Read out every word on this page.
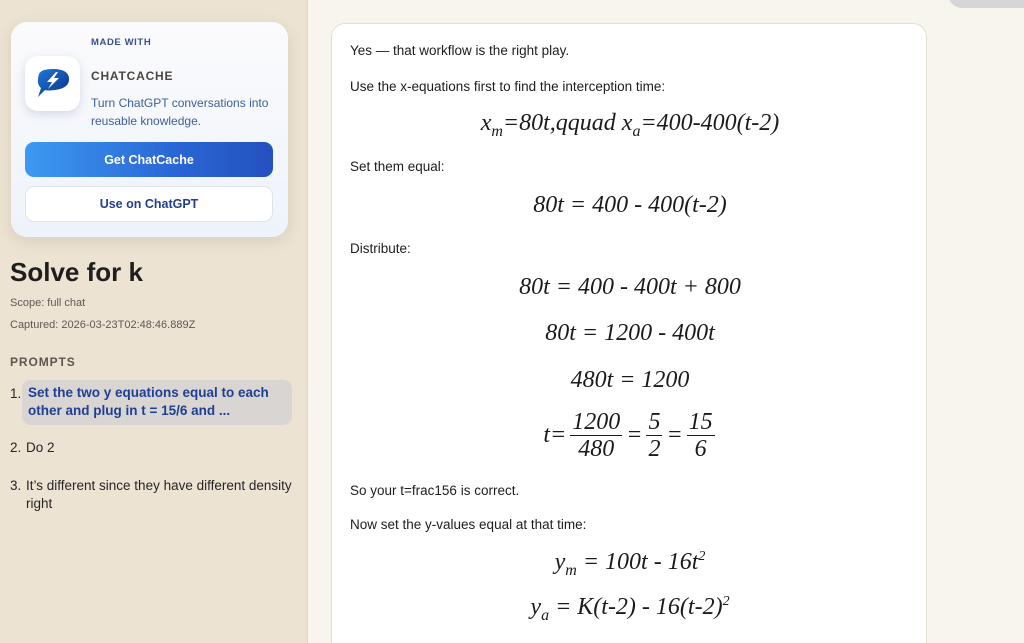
MADE WITH
CHATCACHE
Turn ChatGPT conversations into reusable knowledge.
Get ChatCache
Use on ChatGPT
Solve for k
Scope: full chat
Captured: 2026-03-23T02:48:46.889Z
PROMPTS
1. Set the two y equations equal to each other and plug in t = 15/6 and ...
2. Do 2
3. It’s different since they have different density right
Yes — that workflow is the right play.
Use the x-equations first to find the interception time:
$x_m=80t,qquad$ $x_a=400-400(t-2)$
Set them equal:
80t = 400 - 400(t-2)
Distribute:
80t = 400 - 400t + 800
80t = 1200 - 400t
480t = 1200
$t= \frac{1200}{480} = \frac{5}{2} = \frac{15}{6}$
So your t=frac156 is correct.
Now set the y-values equal at that time:
$y_m = 100t - 16t^2$
$y_a = K(t-2) - 16(t-2)^2$
